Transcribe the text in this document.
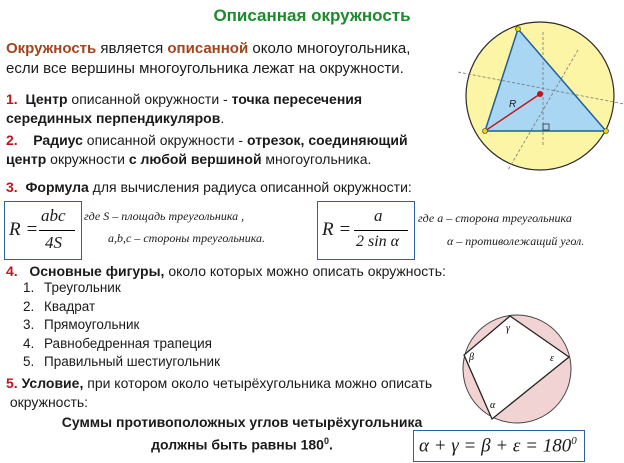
Описанная окружность
Окружность является описанной около многоугольника,
если все вершины многоугольника лежат на окружности.
1. Центр описанной окружности - точка пересечения
серединных перпендикуляров.
2. Радиус описанной окружности - отрезок, соединяющий
центр окружности с любой вершиной многоугольника.
3. Формула для вычисления радиуса описанной окружности:
R =
abc
4S
где S – площадь треугольника ,
a,b,c – стороны треугольника.	R =
a
2 sin α
где a – сторона треугольника
α – противолежащий угол.
4. Основные фигуры, около которых можно описать окружность:
1. Треугольник
2. Квадрат
3. Прямоугольник
4. Равнобедренная трапеция
5. Правильный шестиугольник
5. Условие, при котором около четырёхугольника можно описать
окружность:
Суммы противоположных углов четырёхугольника
должны быть равны $180^0$.	$\alpha + \gamma = \beta + \varepsilon = 180^0$
R
γ
β	ε
α
